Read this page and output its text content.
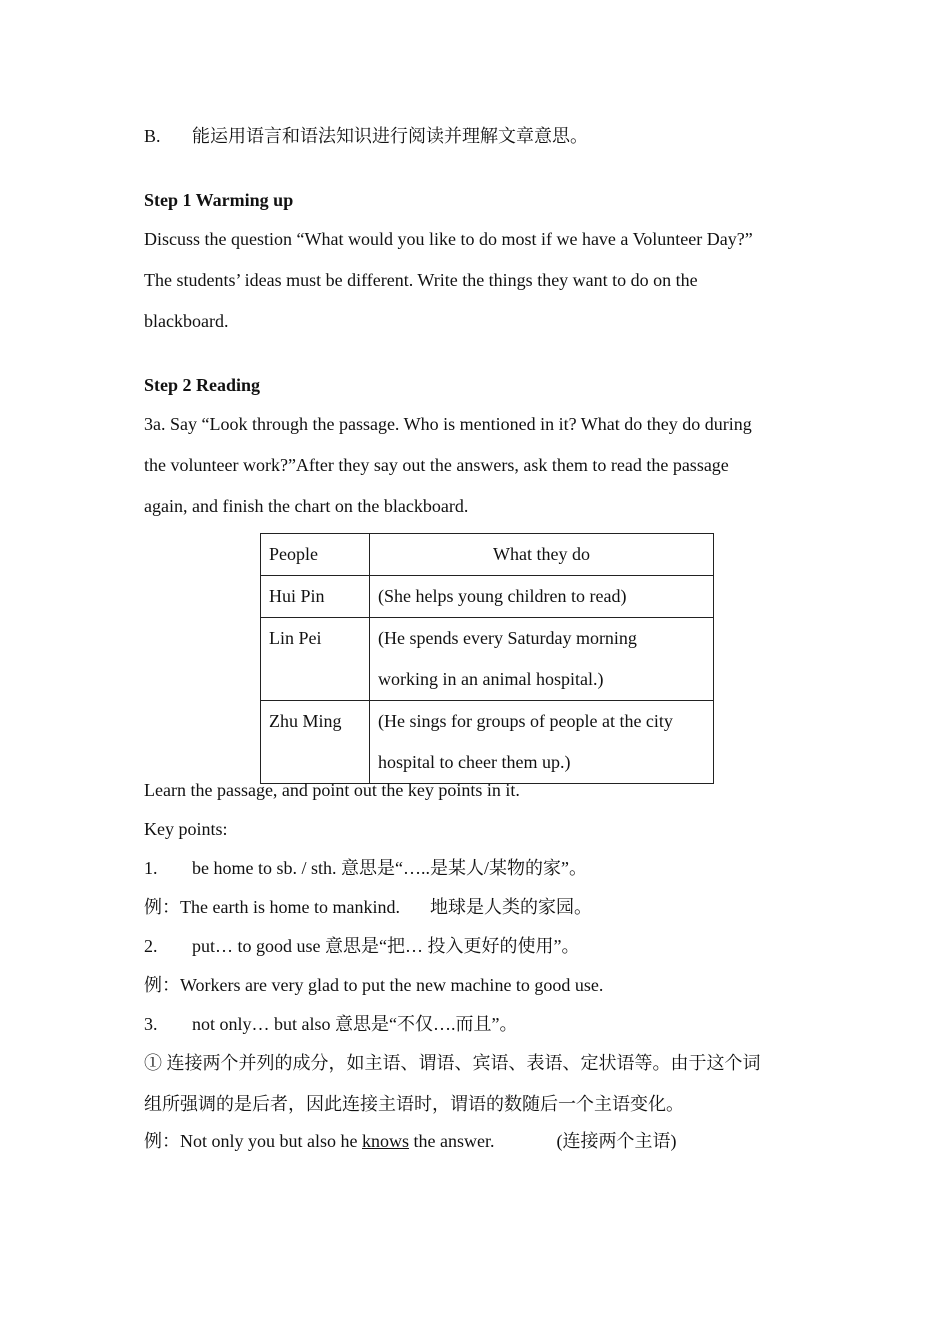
B. 能运用语言和语法知识进行阅读并理解文章意思。
Step 1 Warming up
Discuss the question “What would you like to do most if we have a Volunteer Day?”
The students’ ideas must be different. Write the things they want to do on the
blackboard.
Step 2 Reading
3a. Say “Look through the passage. Who is mentioned in it? What do they do during
the volunteer work?”After they say out the answers, ask them to read the passage
again, and finish the chart on the blackboard.
People	What they do
Hui Pin	(She helps young children to read)

Lin Pei	(He spends every Saturday morning
working in an animal hospital.)

Zhu Ming	(He sings for groups of people at the city
hospital to cheer them up.)
Learn the passage, and point out the key points in it.
Key points:
1. be home to sb. / sth. 意思是“…..是某人/某物的家”。
例：The earth is home to mankind. 地球是人类的家园。
2. put… to good use 意思是“把… 投入更好的使用”。
例：Workers are very glad to put the new machine to good use.
3. not only… but also 意思是“不仅….而且”。
① 连接两个并列的成分，如主语、谓语、宾语、表语、定状语等。由于这个词
组所强调的是后者，因此连接主语时，谓语的数随后一个主语变化。
例：Not only you but also he knows the answer.	(连接两个主语)
